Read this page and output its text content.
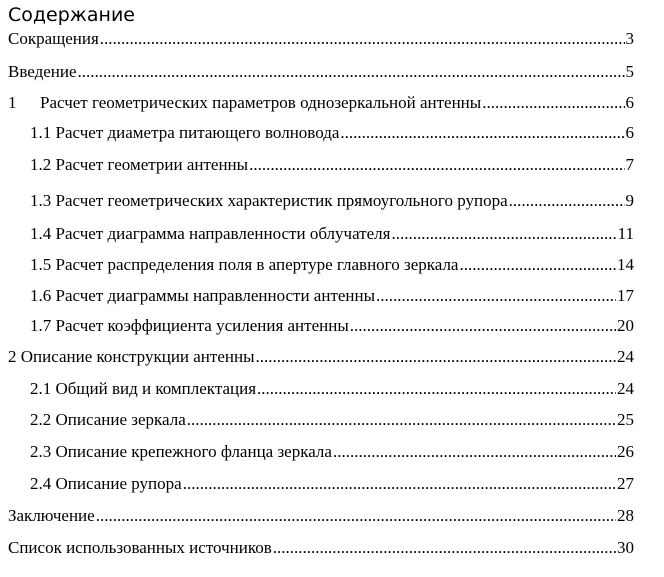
Содержание
Сокращения .....	3
Введение .....	5
1 Расчет геометрических параметров однозеркальной антенны .....	6
1.1 Расчет диаметра питающего волновода .....	6
1.2 Расчет геометрии антенны .....	7
1.3 Расчет геометрических характеристик прямоугольного рупора .....	9
1.4 Расчет диаграмма направленности облучателя .....	11
1.5 Расчет распределения поля в апертуре главного зеркала .....	14
1.6 Расчет диаграммы направленности антенны .....	17
1.7 Расчет коэффициента усиления антенны .....	20
2 Описание конструкции антенны .....	24
2.1 Общий вид и комплектация .....	24
2.2 Описание зеркала .....	25
2.3 Описание крепежного фланца зеркала .....	26
2.4 Описание рупора .....	27
Заключение .....	28
Список использованных источников .....	30
